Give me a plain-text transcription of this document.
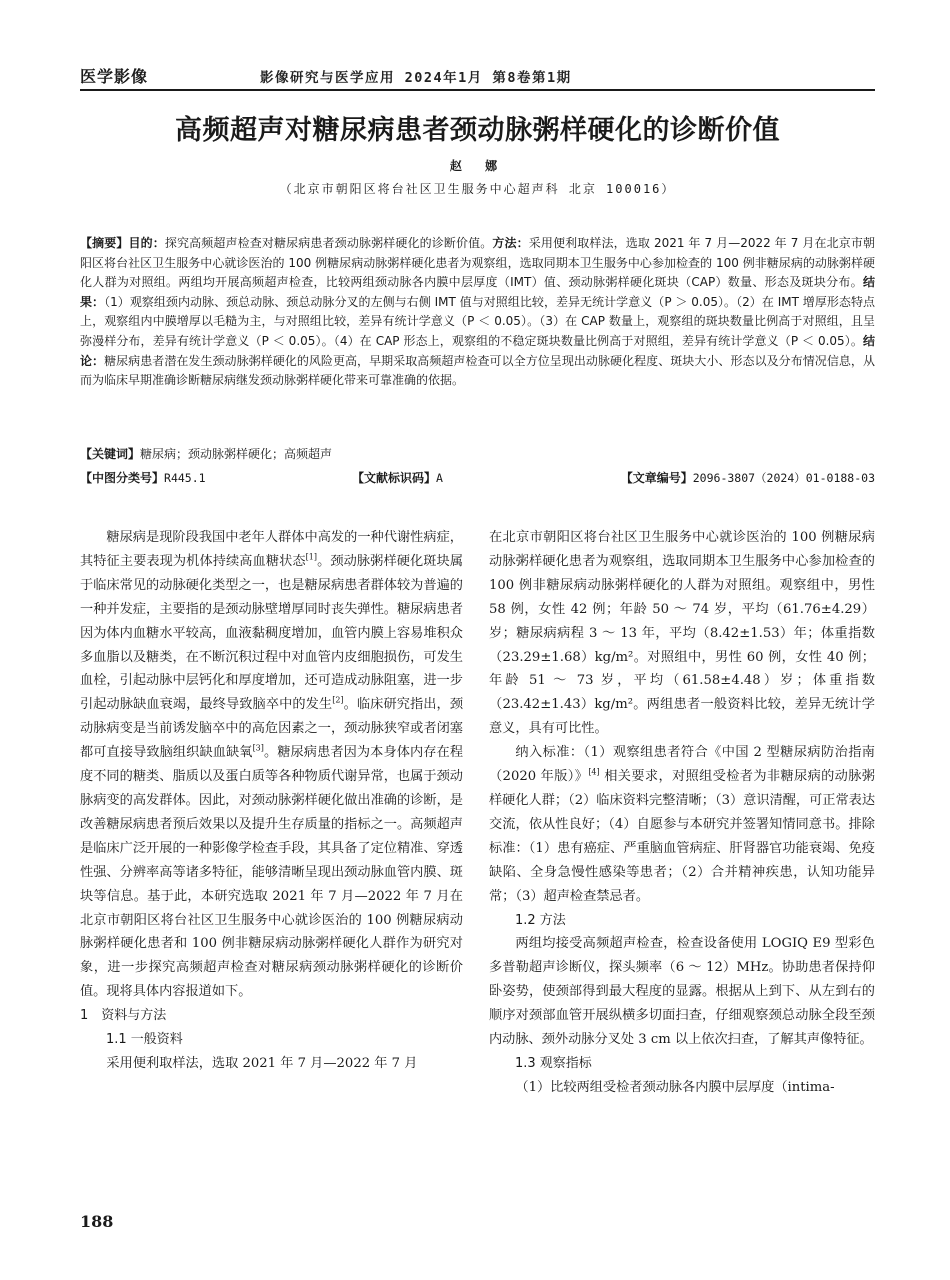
医学影像	影像研究与医学应用 2024年1月 第8卷第1期
高频超声对糖尿病患者颈动脉粥样硬化的诊断价值
赵 娜
（北京市朝阳区将台社区卫生服务中心超声科 北京 100016）
【摘要】目的：探究高频超声检查对糖尿病患者颈动脉粥样硬化的诊断价值。方法：采用便利取样法，选取 2021 年 7 月—2022 年 7 月在北京市朝阳区将台社区卫生服务中心就诊医治的 100 例糖尿病动脉粥样硬化患者为观察组，选取同期本卫生服务中心参加检查的 100 例非糖尿病的动脉粥样硬化人群为对照组。两组均开展高频超声检查，比较两组颈动脉各内膜中层厚度（IMT）值、颈动脉粥样硬化斑块（CAP）数量、形态及斑块分布。结果：（1）观察组颈内动脉、颈总动脉、颈总动脉分叉的左侧与右侧 IMT 值与对照组比较，差异无统计学意义（P ＞ 0.05）。（2）在 IMT 增厚形态特点上，观察组内中膜增厚以毛糙为主，与对照组比较，差异有统计学意义（P ＜ 0.05）。（3）在 CAP 数量上，观察组的斑块数量比例高于对照组，且呈弥漫样分布，差异有统计学意义（P ＜ 0.05）。（4）在 CAP 形态上，观察组的不稳定斑块数量比例高于对照组，差异有统计学意义（P ＜ 0.05）。结论：糖尿病患者潜在发生颈动脉粥样硬化的风险更高，早期采取高频超声检查可以全方位呈现出动脉硬化程度、斑块大小、形态以及分布情况信息，从而为临床早期准确诊断糖尿病继发颈动脉粥样硬化带来可靠准确的依据。
【关键词】糖尿病；颈动脉粥样硬化；高频超声
【中图分类号】R445.1	【文献标识码】A	【文章编号】2096-3807（2024）01-0188-03

糖尿病是现阶段我国中老年人群体中高发的一种代谢性病症，其特征主要表现为机体持续高血糖状态[1]。颈动脉粥样硬化斑块属于临床常见的动脉硬化类型之一，也是糖尿病患者群体较为普遍的一种并发症，主要指的是颈动脉壁增厚同时丧失弹性。糖尿病患者因为体内血糖水平较高，血液黏稠度增加，血管内膜上容易堆积众多血脂以及糖类，在不断沉积过程中对血管内皮细胞损伤，可发生血栓，引起动脉中层钙化和厚度增加，还可造成动脉阻塞，进一步引起动脉缺血衰竭，最终导致脑卒中的发生[2]。临床研究指出，颈动脉病变是当前诱发脑卒中的高危因素之一，颈动脉狭窄或者闭塞都可直接导致脑组织缺血缺氧[3]。糖尿病患者因为本身体内存在程度不同的糖类、脂质以及蛋白质等各种物质代谢异常，也属于颈动脉病变的高发群体。因此，对颈动脉粥样硬化做出准确的诊断，是改善糖尿病患者预后效果以及提升生存质量的指标之一。高频超声是临床广泛开展的一种影像学检查手段，其具备了定位精准、穿透性强、分辨率高等诸多特征，能够清晰呈现出颈动脉血管内膜、斑块等信息。基于此，本研究选取 2021 年 7 月—2022 年 7 月在北京市朝阳区将台社区卫生服务中心就诊医治的 100 例糖尿病动脉粥样硬化患者和 100 例非糖尿病动脉粥样硬化人群作为研究对象，进一步探究高频超声检查对糖尿病颈动脉粥样硬化的诊断价值。现将具体内容报道如下。

1　资料与方法

1.1 一般资料

采用便利取样法，选取 2021 年 7 月—2022 年 7 月

在北京市朝阳区将台社区卫生服务中心就诊医治的 100 例糖尿病动脉粥样硬化患者为观察组，选取同期本卫生服务中心参加检查的 100 例非糖尿病动脉粥样硬化的人群为对照组。观察组中，男性 58 例，女性 42 例；年龄 50 ～ 74 岁，平均（61.76±4.29）岁；糖尿病病程 3 ～ 13 年，平均（8.42±1.53）年；体重指数（23.29±1.68）kg/m²。对照组中，男性 60 例，女性 40 例；年龄 51 ～ 73 岁，平均（61.58±4.48）岁；体重指数（23.42±1.43）kg/m²。两组患者一般资料比较，差异无统计学意义，具有可比性。

纳入标准：（1）观察组患者符合《中国 2 型糖尿病防治指南（2020 年版）》[4] 相关要求，对照组受检者为非糖尿病的动脉粥样硬化人群；（2）临床资料完整清晰；（3）意识清醒，可正常表达交流，依从性良好；（4）自愿参与本研究并签署知情同意书。排除标准：（1）患有癌症、严重脑血管病症、肝肾器官功能衰竭、免疫缺陷、全身急慢性感染等患者；（2）合并精神疾患，认知功能异常；（3）超声检查禁忌者。

1.2 方法

两组均接受高频超声检查，检查设备使用 LOGIQ E9 型彩色多普勒超声诊断仪，探头频率（6 ～ 12）MHz。协助患者保持仰卧姿势，使颈部得到最大程度的显露。根据从上到下、从左到右的顺序对颈部血管开展纵横多切面扫查，仔细观察颈总动脉全段至颈内动脉、颈外动脉分叉处 3 cm 以上依次扫查，了解其声像特征。

1.3 观察指标

（1）比较两组受检者颈动脉各内膜中层厚度（intima-

188
